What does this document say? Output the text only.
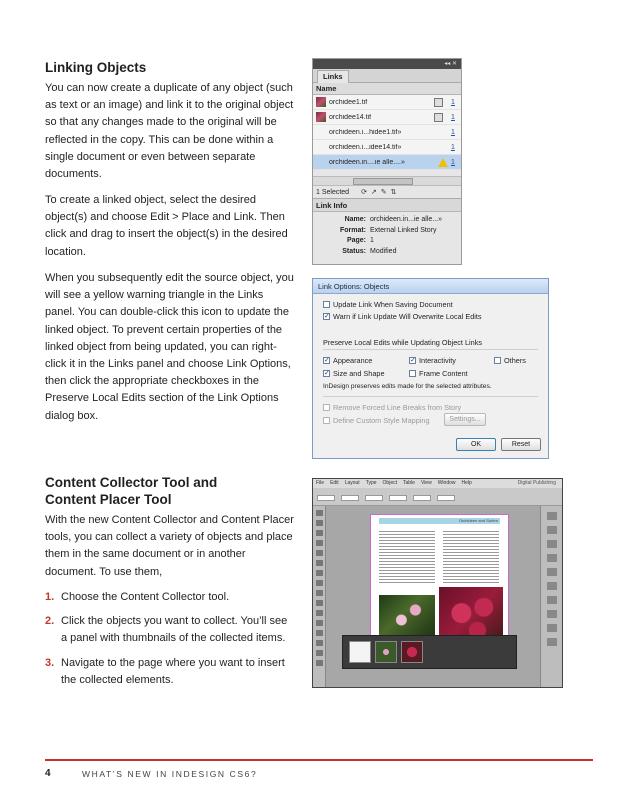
Linking Objects

You can now create a duplicate of any object (such as text or an image) and link it to the original object so that any changes made to the original will be reflected in the copy. This can be done within a single document or even between separate documents.

To create a linked object, select the desired object(s) and choose Edit > Place and Link. Then click and drag to insert the object(s) in the desired location.

When you subsequently edit the source object, you will see a yellow warning triangle in the Links panel. You can double-click this icon to update the linked object. To prevent certain properties of the linked object from being updated, you can right-click it in the Links panel and choose Link Options, then click the appropriate checkboxes in the Preserve Local Edits section of the Link Options dialog box.

Content Collector Tool and
Content Placer Tool

With the new Content Collector and Content Placer tools, you can collect a variety of objects and place them in the same document or in another document. To use them,

1. Choose the Content Collector tool.
2. Click the objects you want to collect. You’ll see a panel with thumbnails of the collected items.
3. Navigate to the page where you want to insert the collected elements.
◂◂ ✕
Links
Name
orchidee1.tif	1
orchidee14.tif	1
orchideen.i...hidee1.tif»	1
orchideen.i...idee14.tif»	1
orchideen.in....ie alle....»	1
1 Selected ⟳ ↗ ✎ ⇅
Link Info
Name: orchideen.in...ie alle...»
Format: External Linked Story
Page: 1
Status: Modified
Link Options: Objects
Update Link When Saving Document
✓ Warn if Link Update Will Overwrite Local Edits
Preserve Local Edits while Updating Object Links
✓ Appearance	✓ Interactivity	Others
✓ Size and Shape	Frame Content
InDesign preserves edits made for the selected attributes.
Remove Forced Line Breaks from Story
Define Custom Style Mapping	Settings...
OK	Reset
File Edit Layout Type Object Table View Window Help	Digital Publishing
Orchideen and Sorten
4	WHAT’S NEW IN INDESIGN CS6?
